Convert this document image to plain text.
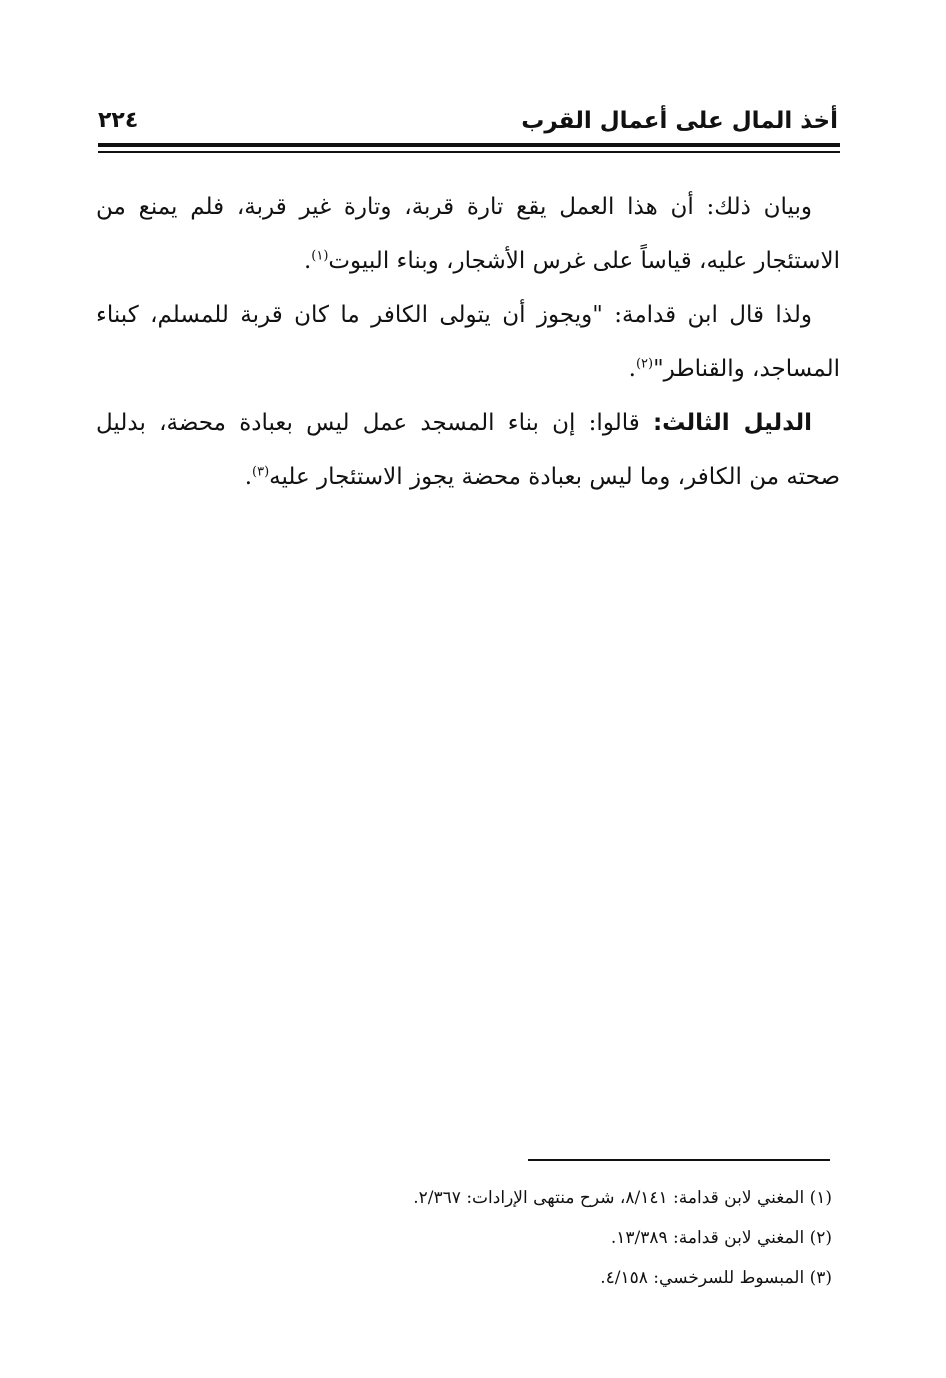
أخذ المال على أعمال القرب
٢٢٤

وبيان ذلك: أن هذا العمل يقع تارة قربة، وتارة غير قربة، فلم يمنع من الاستئجار عليه، قياساً على غرس الأشجار، وبناء البيوت$^{(١)}$.

ولذا قال ابن قدامة: "ويجوز أن يتولى الكافر ما كان قربة للمسلم، كبناء المساجد، والقناطر"$^{(٢)}$.

الدليل الثالث: قالوا: إن بناء المسجد عمل ليس بعبادة محضة، بدليل صحته من الكافر، وما ليس بعبادة محضة يجوز الاستئجار عليه$^{(٣)}$.

(١) المغني لابن قدامة: ٨/١٤١، شرح منتهى الإرادات: ٢/٣٦٧.

(٢) المغني لابن قدامة: ١٣/٣٨٩.

(٣) المبسوط للسرخسي: ٤/١٥٨.
